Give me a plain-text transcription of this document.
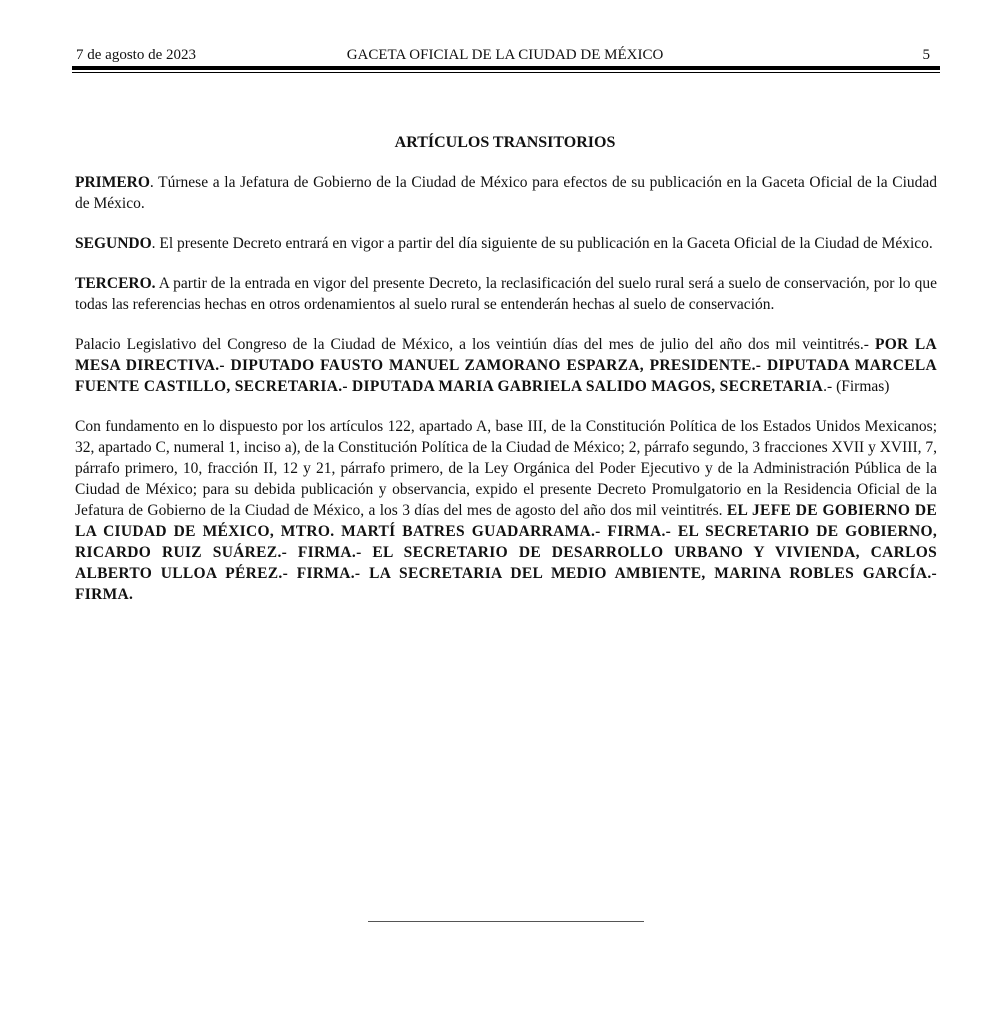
7 de agosto de 2023	GACETA OFICIAL DE LA CIUDAD DE MÉXICO	5
ARTÍCULOS TRANSITORIOS

PRIMERO. Túrnese a la Jefatura de Gobierno de la Ciudad de México para efectos de su publicación en la Gaceta Oficial de la Ciudad de México.

SEGUNDO. El presente Decreto entrará en vigor a partir del día siguiente de su publicación en la Gaceta Oficial de la Ciudad de México.

TERCERO. A partir de la entrada en vigor del presente Decreto, la reclasificación del suelo rural será a suelo de conservación, por lo que todas las referencias hechas en otros ordenamientos al suelo rural se entenderán hechas al suelo de conservación.

Palacio Legislativo del Congreso de la Ciudad de México, a los veintiún días del mes de julio del año dos mil veintitrés.- POR LA MESA DIRECTIVA.- DIPUTADO FAUSTO MANUEL ZAMORANO ESPARZA, PRESIDENTE.- DIPUTADA MARCELA FUENTE CASTILLO, SECRETARIA.- DIPUTADA MARIA GABRIELA SALIDO MAGOS, SECRETARIA.- (Firmas)

Con fundamento en lo dispuesto por los artículos 122, apartado A, base III, de la Constitución Política de los Estados Unidos Mexicanos; 32, apartado C, numeral 1, inciso a), de la Constitución Política de la Ciudad de México; 2, párrafo segundo, 3 fracciones XVII y XVIII, 7, párrafo primero, 10, fracción II, 12 y 21, párrafo primero, de la Ley Orgánica del Poder Ejecutivo y de la Administración Pública de la Ciudad de México; para su debida publicación y observancia, expido el presente Decreto Promulgatorio en la Residencia Oficial de la Jefatura de Gobierno de la Ciudad de México, a los 3 días del mes de agosto del año dos mil veintitrés. EL JEFE DE GOBIERNO DE LA CIUDAD DE MÉXICO, MTRO. MARTÍ BATRES GUADARRAMA.- FIRMA.- EL SECRETARIO DE GOBIERNO, RICARDO RUIZ SUÁREZ.- FIRMA.- EL SECRETARIO DE DESARROLLO URBANO Y VIVIENDA, CARLOS ALBERTO ULLOA PÉREZ.- FIRMA.- LA SECRETARIA DEL MEDIO AMBIENTE, MARINA ROBLES GARCÍA.- FIRMA.
